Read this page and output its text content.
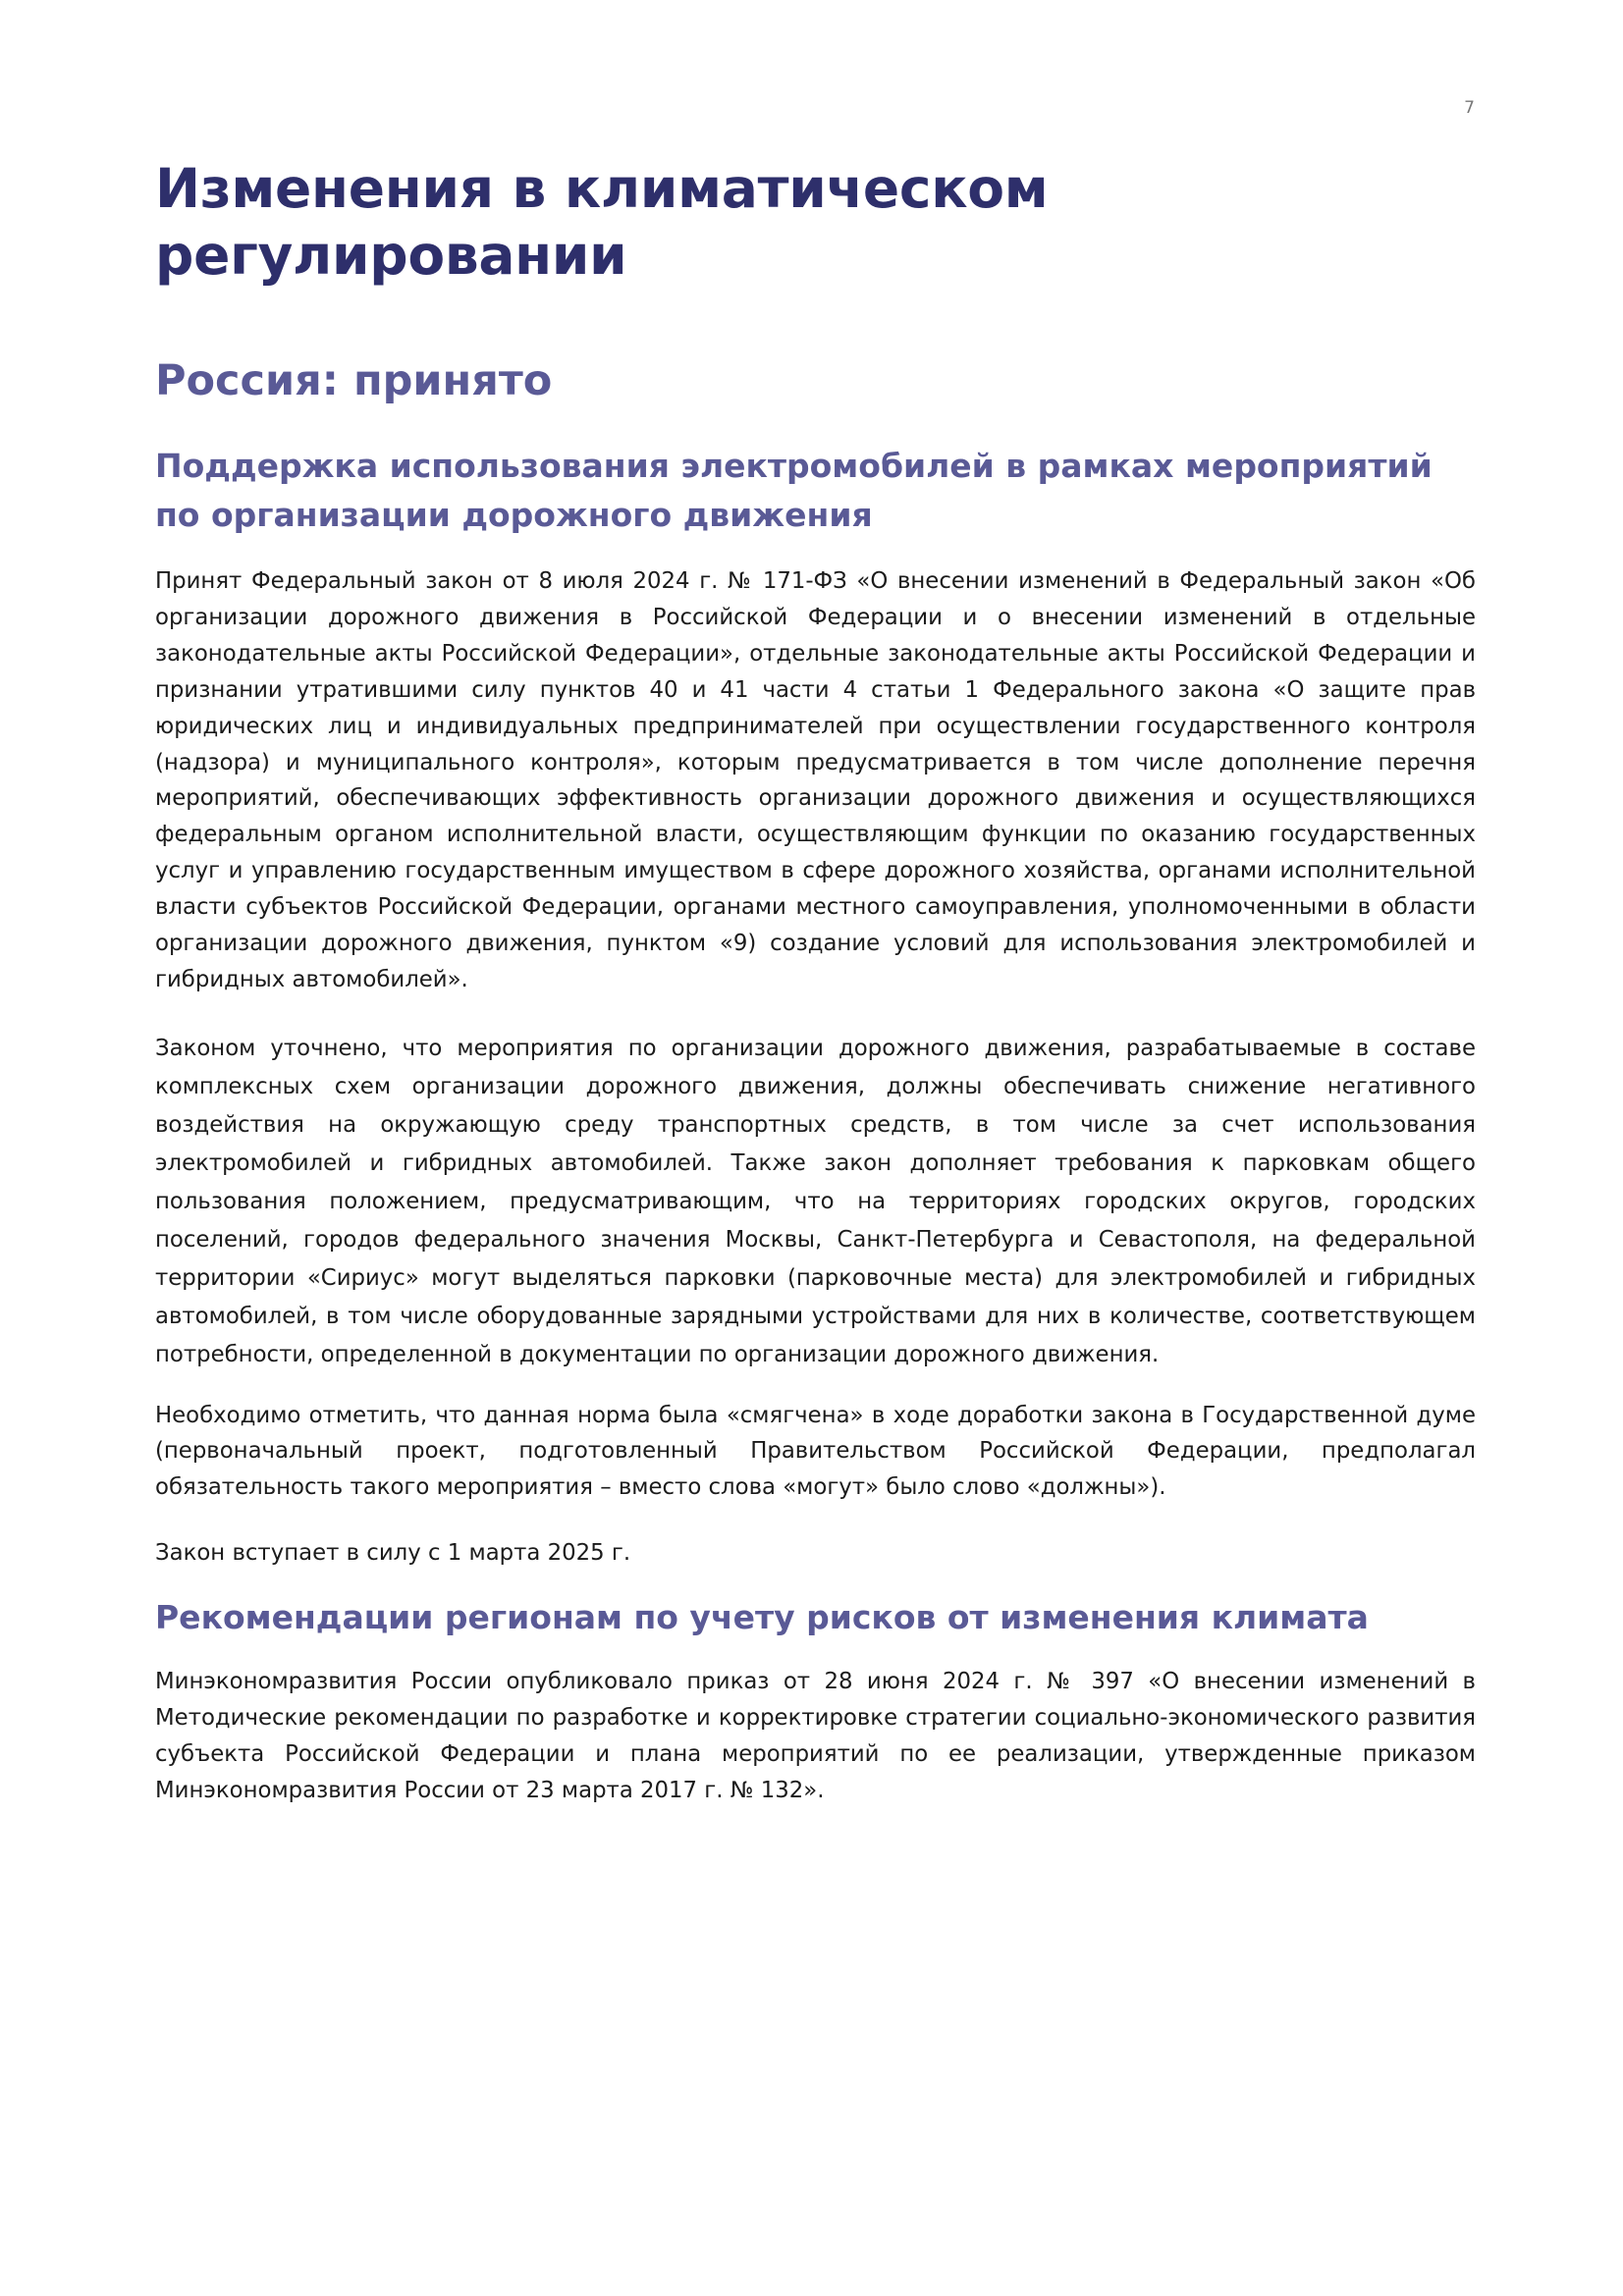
7
Изменения в климатическом регулировании
Россия: принято
Поддержка использования электромобилей в рамках мероприятий по организации дорожного движения

Принят Федеральный закон от 8 июля 2024 г. № 171-ФЗ «О внесении изменений в Федеральный закон «Об организации дорожного движения в Российской Федерации и о внесении изменений в отдельные законодательные акты Российской Федерации», отдельные законодательные акты Российской Федерации и признании утратившими силу пунктов 40 и 41 части 4 статьи 1 Федерального закона «О защите прав юридических лиц и индивидуальных предпринимателей при осуществлении государственного контроля (надзора) и муниципального контроля», которым предусматривается в том числе дополнение перечня мероприятий, обеспечивающих эффективность организации дорожного движения и осуществляющихся федеральным органом исполнительной власти, осуществляющим функции по оказанию государственных услуг и управлению государственным имуществом в сфере дорожного хозяйства, органами исполнительной власти субъектов Российской Федерации, органами местного самоуправления, уполномоченными в области организации дорожного движения, пунктом «9) создание условий для использования электромобилей и гибридных автомобилей».

Законом уточнено, что мероприятия по организации дорожного движения, разрабатываемые в составе комплексных схем организации дорожного движения, должны обеспечивать снижение негативного воздействия на окружающую среду транспортных средств, в том числе за счет использования электромобилей и гибридных автомобилей. Также закон дополняет требования к парковкам общего пользования положением, предусматривающим, что на территориях городских округов, городских поселений, городов федерального значения Москвы, Санкт-Петербурга и Севастополя, на федеральной территории «Сириус» могут выделяться парковки (парковочные места) для электромобилей и гибридных автомобилей, в том числе оборудованные зарядными устройствами для них в количестве, соответствующем потребности, определенной в документации по организации дорожного движения.

Необходимо отметить, что данная норма была «смягчена» в ходе доработки закона в Государственной думе (первоначальный проект, подготовленный Правительством Российской Федерации, предполагал обязательность такого мероприятия – вместо слова «могут» было слово «должны»).

Закон вступает в силу с 1 марта 2025 г.

Рекомендации регионам по учету рисков от изменения климата

Минэкономразвития России опубликовало приказ от 28 июня 2024 г. № 397 «О внесении изменений в Методические рекомендации по разработке и корректировке стратегии социально-экономического развития субъекта Российской Федерации и плана мероприятий по ее реализации, утвержденные приказом Минэкономразвития России от 23 марта 2017 г. № 132».
